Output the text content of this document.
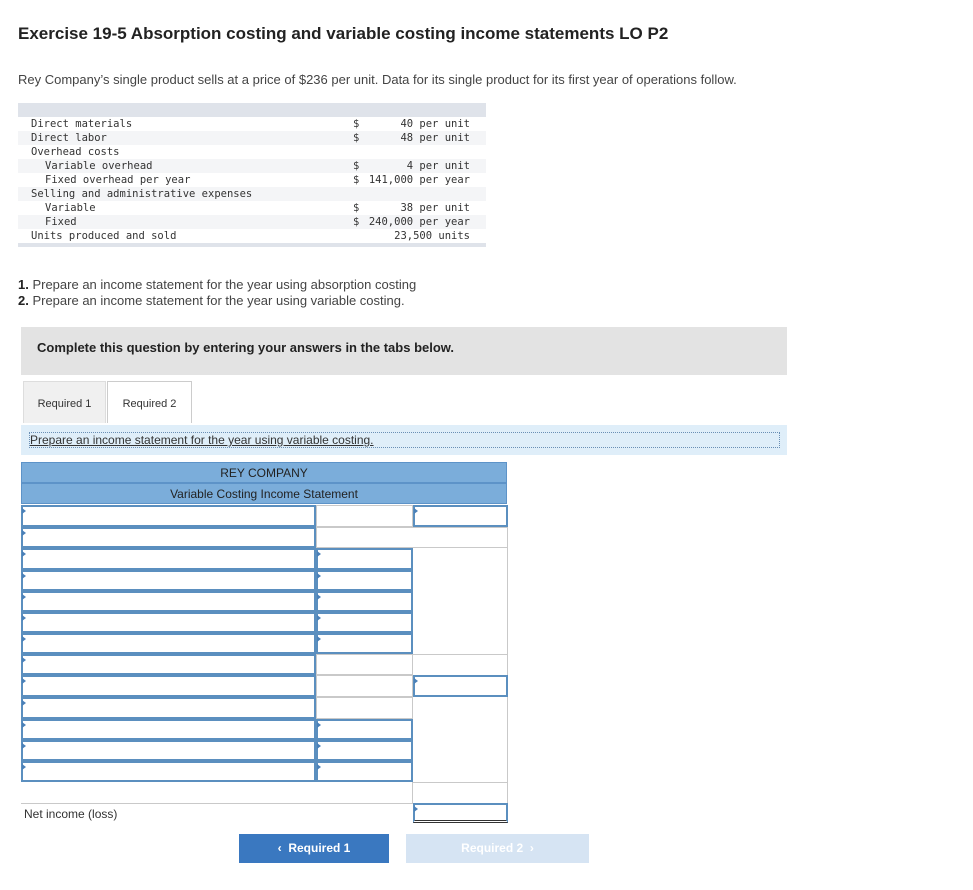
Exercise 19-5 Absorption costing and variable costing income statements LO P2
Rey Company’s single product sells at a price of $236 per unit. Data for its single product for its first year of operations follow.
Direct materials	$	40 per unit
Direct labor	$	48 per unit
Overhead costs
Variable overhead	$	4 per unit
Fixed overhead per year	$ 141,000 per year
Selling and administrative expenses
Variable	$	38 per unit
Fixed	$ 240,000 per year
Units produced and sold	23,500 units
1. Prepare an income statement for the year using absorption costing
2. Prepare an income statement for the year using variable costing.
Complete this question by entering your answers in the tabs below.
Required 1	Required 2
Prepare an income statement for the year using variable costing.
REY COMPANY
Variable Costing Income Statement
Net income (loss)
‹  Required 1	Required 2  ›
